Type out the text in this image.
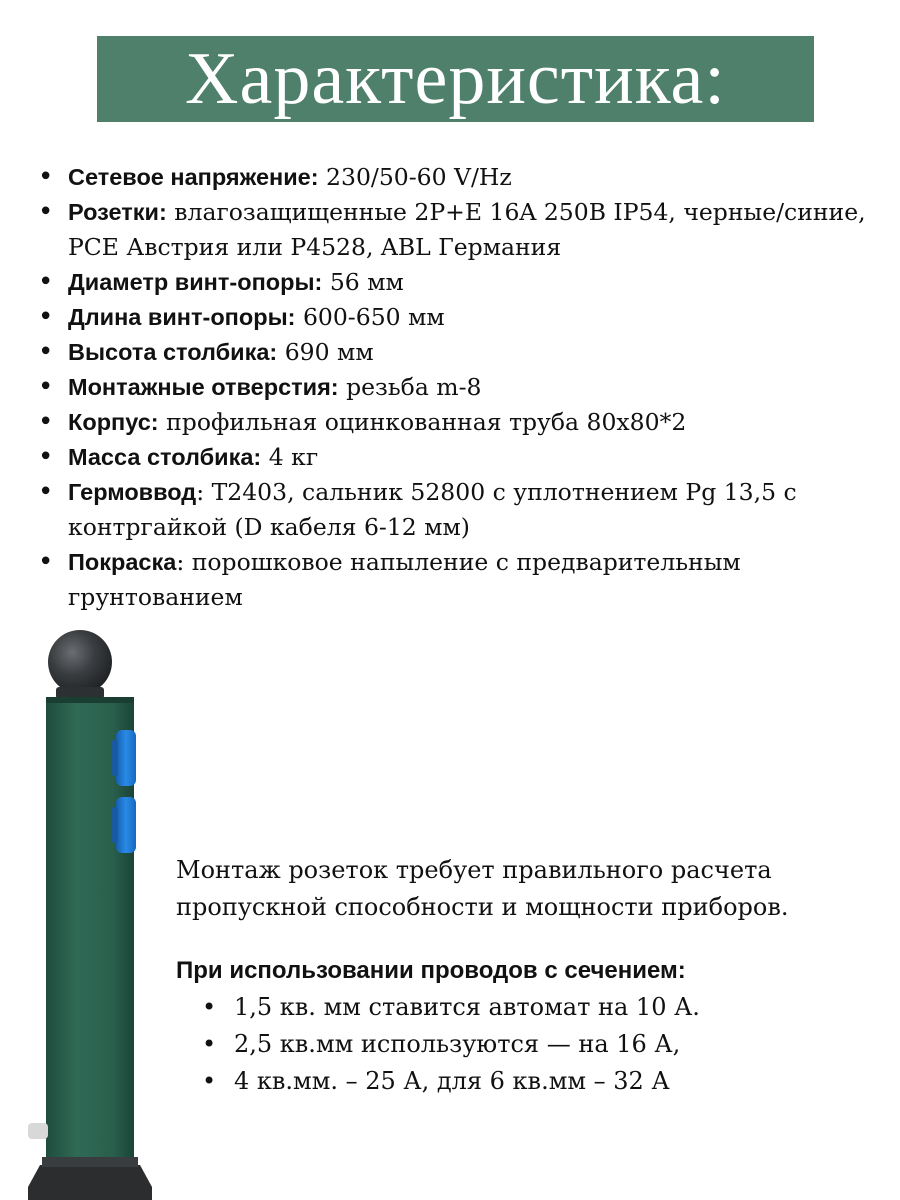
Характеристика:
• Сетевое напряжение: 230/50-60 V/Hz
• Розетки: влагозащищенные 2P+E 16A 250В IP54, черные/синие, PCE Австрия или P4528, ABL Германия
• Диаметр винт-опоры: 56 мм
• Длина винт-опоры: 600-650 мм
• Высота столбика: 690 мм
• Монтажные отверстия: резьба m-8
• Корпус: профильная оцинкованная труба 80х80*2
• Масса столбика: 4 кг
• Гермоввод: Т2403, сальник 52800 с уплотнением Pg 13,5 с контргайкой (D кабеля 6-12 мм)
• Покраска: порошковое напыление с предварительным грунтованием

Монтаж розеток требует правильного расчета

пропускной способности и мощности приборов.

При использовании проводов с сечением:

• 1,5 кв. мм ставится автомат на 10 А.
• 2,5 кв.мм используются — на 16 А,
• 4 кв.мм. – 25 А, для 6 кв.мм – 32 А
